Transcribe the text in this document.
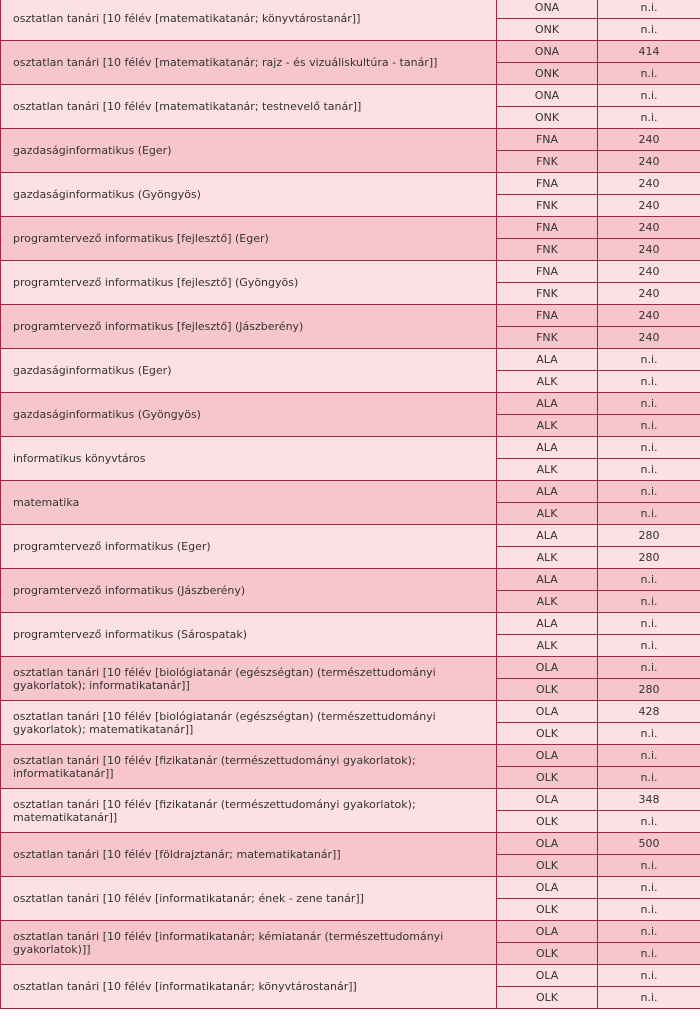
osztatlan tanári [10 félév [matematikatanár; könyvtárostanár]]	ONA	n.i.
	ONK	n.i.
osztatlan tanári [10 félév [matematikatanár; rajz - és vizuáliskultúra - tanár]]	ONA	414
	ONK	n.i.
osztatlan tanári [10 félév [matematikatanár; testnevelő tanár]]	ONA	n.i.
	ONK	n.i.
gazdaságinformatikus (Eger)	FNA	240
	FNK	240
gazdaságinformatikus (Gyöngyös)	FNA	240
	FNK	240
programtervező informatikus [fejlesztő] (Eger)	FNA	240
	FNK	240
programtervező informatikus [fejlesztő] (Gyöngyös)	FNA	240
	FNK	240
programtervező informatikus [fejlesztő] (Jászberény)	FNA	240
	FNK	240
gazdaságinformatikus (Eger)	ALA	n.i.
	ALK	n.i.
gazdaságinformatikus (Gyöngyös)	ALA	n.i.
	ALK	n.i.
informatikus könyvtáros	ALA	n.i.
	ALK	n.i.
matematika	ALA	n.i.
	ALK	n.i.
programtervező informatikus (Eger)	ALA	280
	ALK	280
programtervező informatikus (Jászberény)	ALA	n.i.
	ALK	n.i.
programtervező informatikus (Sárospatak)	ALA	n.i.
	ALK	n.i.
osztatlan tanári [10 félév [biológiatanár (egészségtan) (természettudományi gyakorlatok); informatikatanár]]	OLA	n.i.
	OLK	280
osztatlan tanári [10 félév [biológiatanár (egészségtan) (természettudományi gyakorlatok); matematikatanár]]	OLA	428
	OLK	n.i.
osztatlan tanári [10 félév [fizikatanár (természettudományi gyakorlatok); informatikatanár]]	OLA	n.i.
	OLK	n.i.
osztatlan tanári [10 félév [fizikatanár (természettudományi gyakorlatok); matematikatanár]]	OLA	348
	OLK	n.i.
osztatlan tanári [10 félév [földrajztanár; matematikatanár]]	OLA	500
	OLK	n.i.
osztatlan tanári [10 félév [informatikatanár; ének - zene tanár]]	OLA	n.i.
	OLK	n.i.
osztatlan tanári [10 félév [informatikatanár; kémiatanár (természettudományi gyakorlatok)]]	OLA	n.i.
	OLK	n.i.
osztatlan tanári [10 félév [informatikatanár; könyvtárostanár]]	OLA	n.i.
	OLK	n.i.
